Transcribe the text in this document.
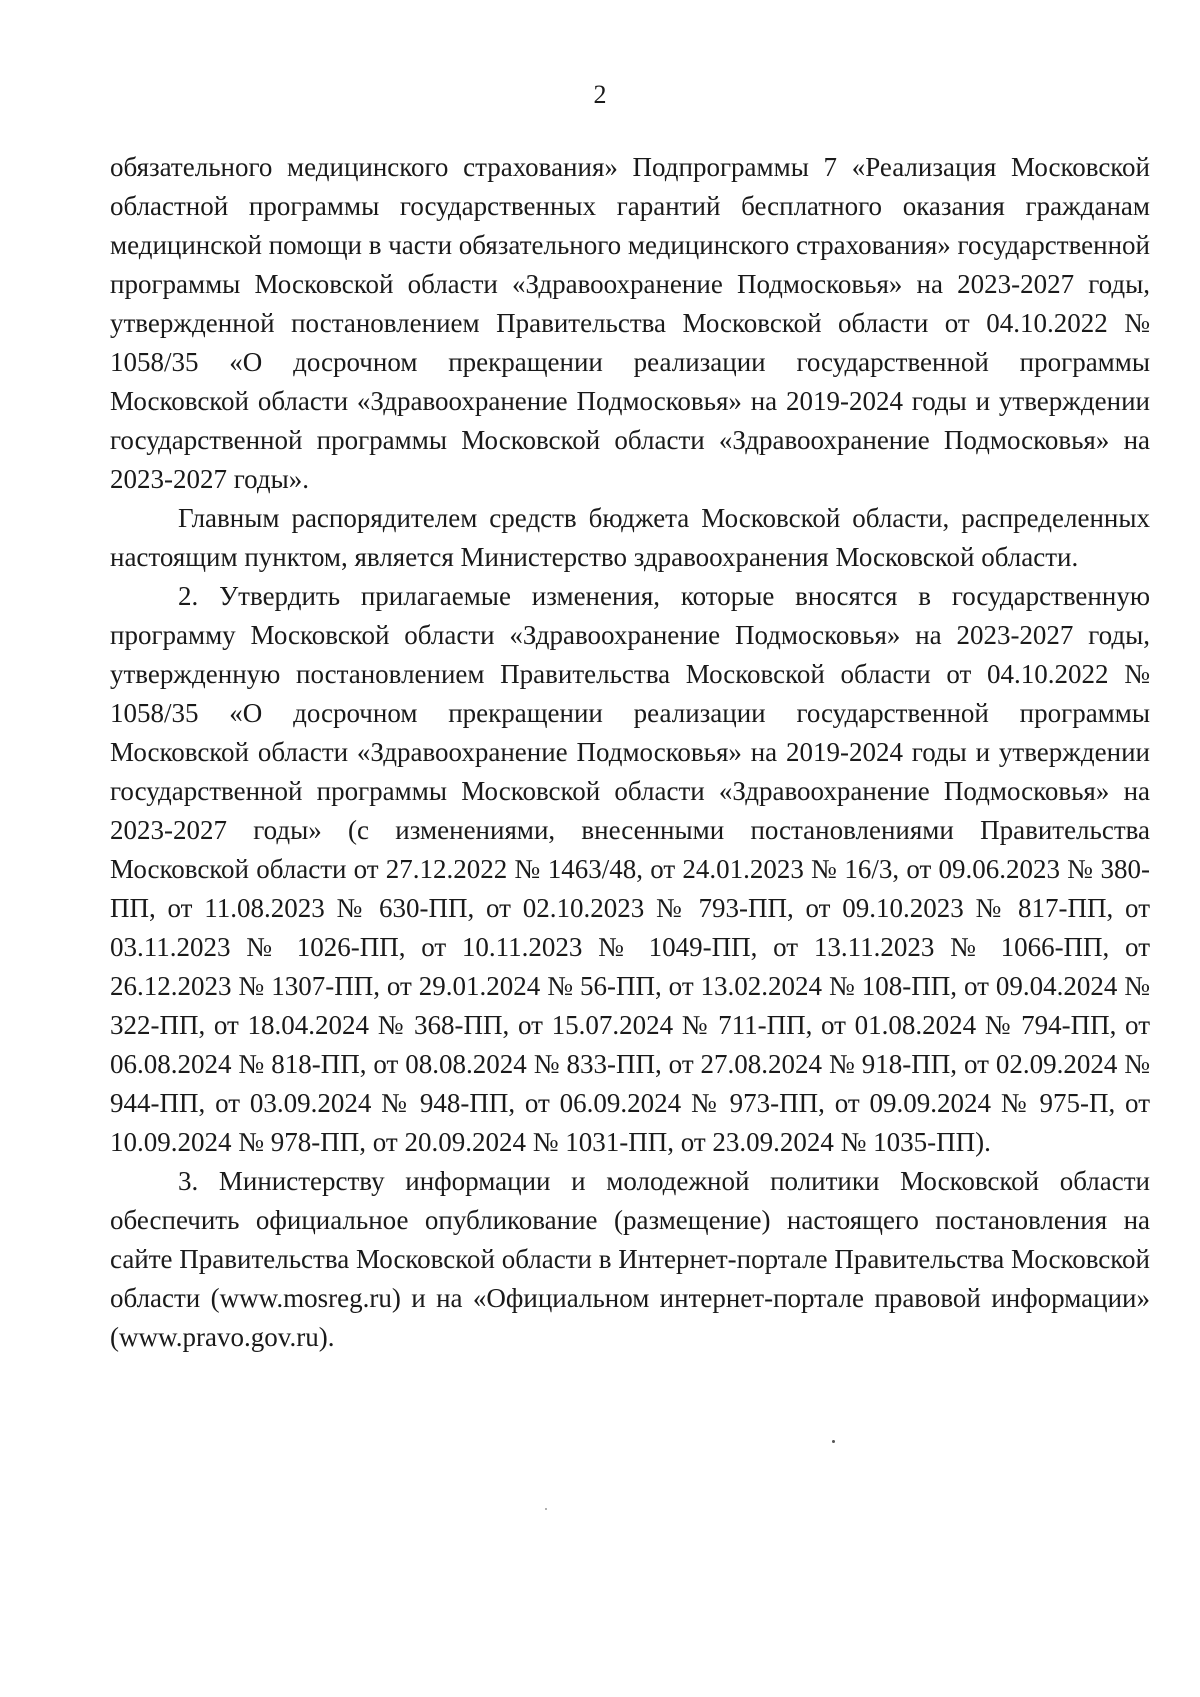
2

обязательного медицинского страхования» Подпрограммы 7 «Реализация Московской областной программы государственных гарантий бесплатного оказания гражданам медицинской помощи в части обязательного медицинского страхования» государственной программы Московской области «Здравоохранение Подмосковья» на 2023-2027 годы, утвержденной постановлением Правительства Московской области от 04.10.2022 № 1058/35 «О досрочном прекращении реализации государственной программы Московской области «Здравоохранение Подмосковья» на 2019-2024 годы и утверждении государственной программы Московской области «Здравоохранение Подмосковья» на 2023-2027 годы».

Главным распорядителем средств бюджета Московской области, распределенных настоящим пунктом, является Министерство здравоохранения Московской области.

2. Утвердить прилагаемые изменения, которые вносятся в государственную программу Московской области «Здравоохранение Подмосковья» на 2023-2027 годы, утвержденную постановлением Правительства Московской области от 04.10.2022 № 1058/35 «О досрочном прекращении реализации государственной программы Московской области «Здравоохранение Подмосковья» на 2019-2024 годы и утверждении государственной программы Московской области «Здравоохранение Подмосковья» на 2023-2027 годы» (с изменениями, внесенными постановлениями Правительства Московской области от 27.12.2022 № 1463/48, от 24.01.2023 № 16/3, от 09.06.2023 № 380-ПП, от 11.08.2023 № 630-ПП, от 02.10.2023 № 793-ПП, от 09.10.2023 № 817-ПП, от 03.11.2023 № 1026-ПП, от 10.11.2023 № 1049-ПП, от 13.11.2023 № 1066-ПП, от 26.12.2023 № 1307-ПП, от 29.01.2024 № 56-ПП, от 13.02.2024 № 108-ПП, от 09.04.2024 № 322-ПП, от 18.04.2024 № 368-ПП, от 15.07.2024 № 711-ПП, от 01.08.2024 № 794-ПП, от 06.08.2024 № 818-ПП, от 08.08.2024 № 833-ПП, от 27.08.2024 № 918-ПП, от 02.09.2024 № 944-ПП, от 03.09.2024 № 948-ПП, от 06.09.2024 № 973-ПП, от 09.09.2024 № 975-П, от 10.09.2024 № 978-ПП, от 20.09.2024 № 1031-ПП, от 23.09.2024 № 1035-ПП).

3. Министерству информации и молодежной политики Московской области обеспечить официальное опубликование (размещение) настоящего постановления на сайте Правительства Московской области в Интернет-портале Правительства Московской области (www.mosreg.ru) и на «Официальном интернет-портале правовой информации» (www.pravo.gov.ru).
